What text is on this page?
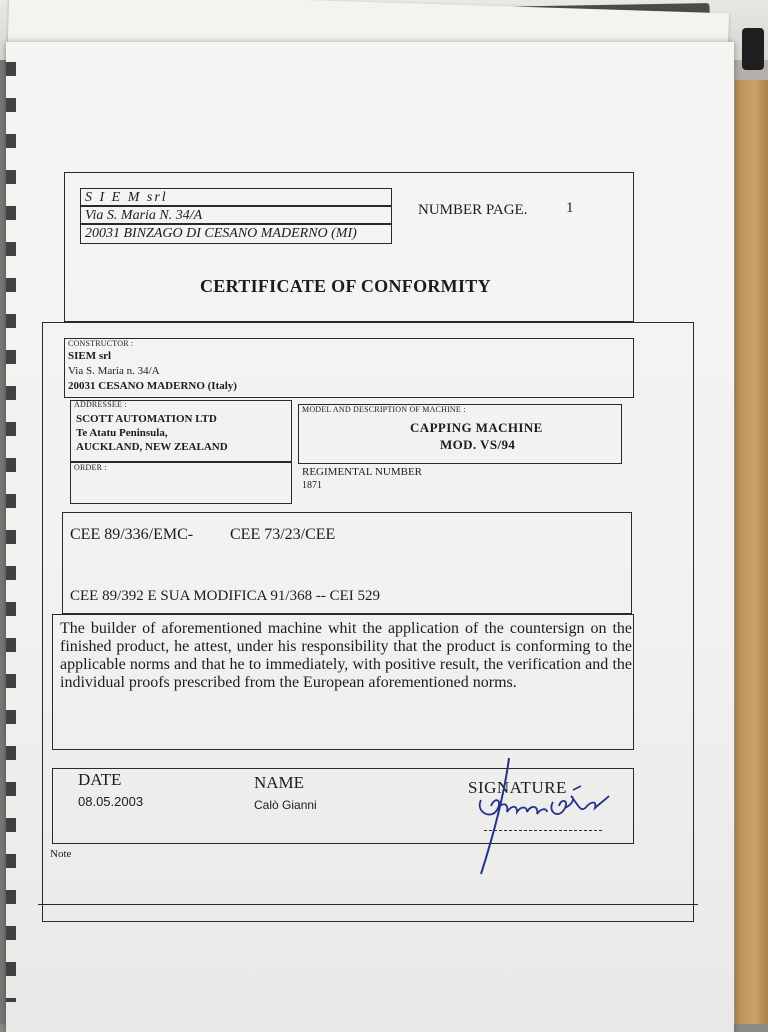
S I E M srl
Via S. Maria N. 34/A
20031 BINZAGO DI CESANO MADERNO (MI)
NUMBER PAGE.	1
CERTIFICATE OF CONFORMITY
CONSTRUCTOR :
SIEM srl
Via S. Maria n. 34/A
20031 CESANO MADERNO (Italy)
ADDRESSEE :
SCOTT AUTOMATION LTD
Te Atatu Peninsula,
AUCKLAND, NEW ZEALAND
ORDER :
MODEL AND DESCRIPTION OF MACHINE :
CAPPING MACHINE
MOD. VS/94
REGIMENTAL NUMBER
1871
CEE 89/336/EMC- CEE 73/23/CEE
CEE 89/392 E SUA MODIFICA 91/368 -- CEI 529
The builder of aforementioned machine whit the application of the countersign on the finished product, he attest, under his responsibility that the product is conforming to the applicable norms and that he to immediately, with positive result, the verification and the individual proofs prescribed from the European aforementioned norms.
DATE
08.05.2003
NAME
Calò Gianni
SIGNATURE
Note
